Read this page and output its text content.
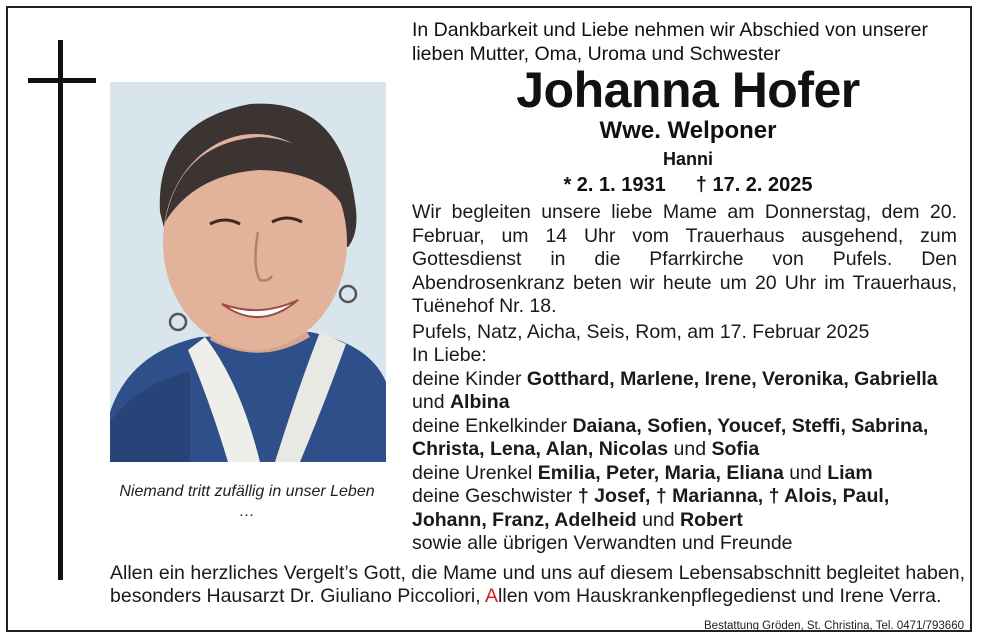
Niemand tritt zufällig in unser Leben …
In Dankbarkeit und Liebe nehmen wir Abschied von unserer lieben Mutter, Oma, Uroma und Schwester
Johanna Hofer
Wwe. Welponer
Hanni
* 2. 1. 1931 † 17. 2. 2025

Wir begleiten unsere liebe Mame am Donnerstag, dem 20. Februar, um 14 Uhr vom Trauerhaus ausgehend, zum Gottesdienst in die Pfarrkirche von Pufels. Den Abendrosenkranz beten wir heute um 20 Uhr im Trauerhaus, Tuënehof Nr. 18.

Pufels, Natz, Aicha, Seis, Rom, am 17. Februar 2025

In Liebe:

deine Kinder Gotthard, Marlene, Irene, Veronika, Gabriella und Albina

deine Enkelkinder Daiana, Sofien, Youcef, Steffi, Sabrina, Christa, Lena, Alan, Nicolas und Sofia

deine Urenkel Emilia, Peter, Maria, Eliana und Liam

deine Geschwister † Josef, † Marianna, † Alois, Paul, Johann, Franz, Adelheid und Robert

sowie alle übrigen Verwandten und Freunde

Allen ein herzliches Vergelt’s Gott, die Mame und uns auf diesem Lebensabschnitt begleitet haben, besonders Hausarzt Dr. Giuliano Piccoliori, Allen vom Hauskrankenpflegedienst und Irene Verra.
Bestattung Gröden, St. Christina, Tel. 0471/793660
